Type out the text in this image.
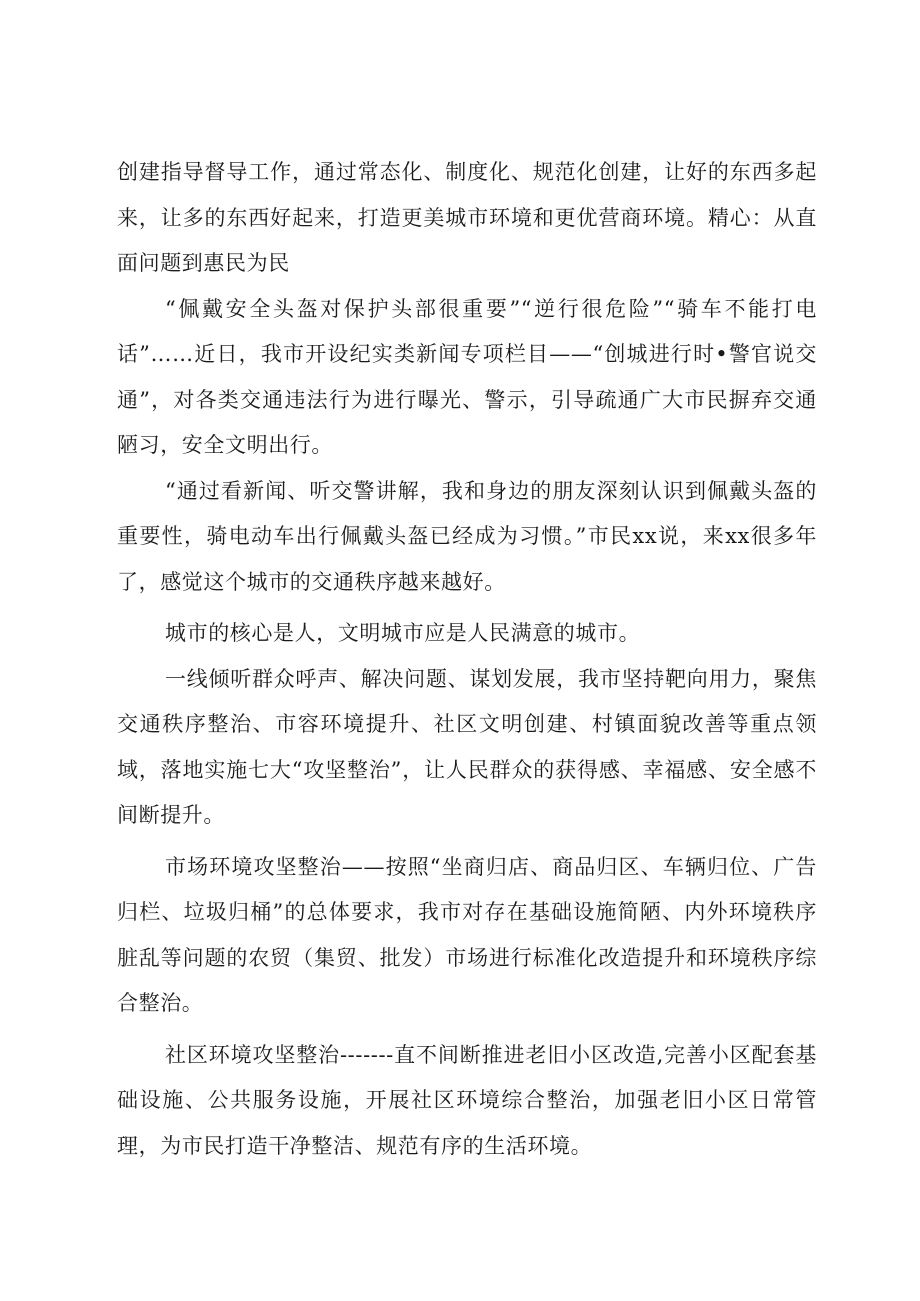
创建指导督导工作，通过常态化、制度化、规范化创建，让好的东西多起来，让多的东西好起来，打造更美城市环境和更优营商环境。精心：从直面问题到惠民为民

“佩戴安全头盔对保护头部很重要”“逆行很危险”“骑车不能打电话”……近日，我市开设纪实类新闻专项栏目——“创城进行时•警官说交通”，对各类交通违法行为进行曝光、警示，引导疏通广大市民摒弃交通陋习，安全文明出行。

“通过看新闻、听交警讲解，我和身边的朋友深刻认识到佩戴头盔的重要性，骑电动车出行佩戴头盔已经成为习惯。”市民xx说，来xx很多年了，感觉这个城市的交通秩序越来越好。

城市的核心是人，文明城市应是人民满意的城市。

一线倾听群众呼声、解决问题、谋划发展，我市坚持靶向用力，聚焦交通秩序整治、市容环境提升、社区文明创建、村镇面貌改善等重点领域，落地实施七大“攻坚整治”，让人民群众的获得感、幸福感、安全感不间断提升。

市场环境攻坚整治——按照“坐商归店、商品归区、车辆归位、广告归栏、垃圾归桶”的总体要求，我市对存在基础设施简陋、内外环境秩序脏乱等问题的农贸（集贸、批发）市场进行标准化改造提升和环境秩序综合整治。

社区环境攻坚整治-------直不间断推进老旧小区改造,完善小区配套基础设施、公共服务设施，开展社区环境综合整治，加强老旧小区日常管理，为市民打造干净整洁、规范有序的生活环境。
